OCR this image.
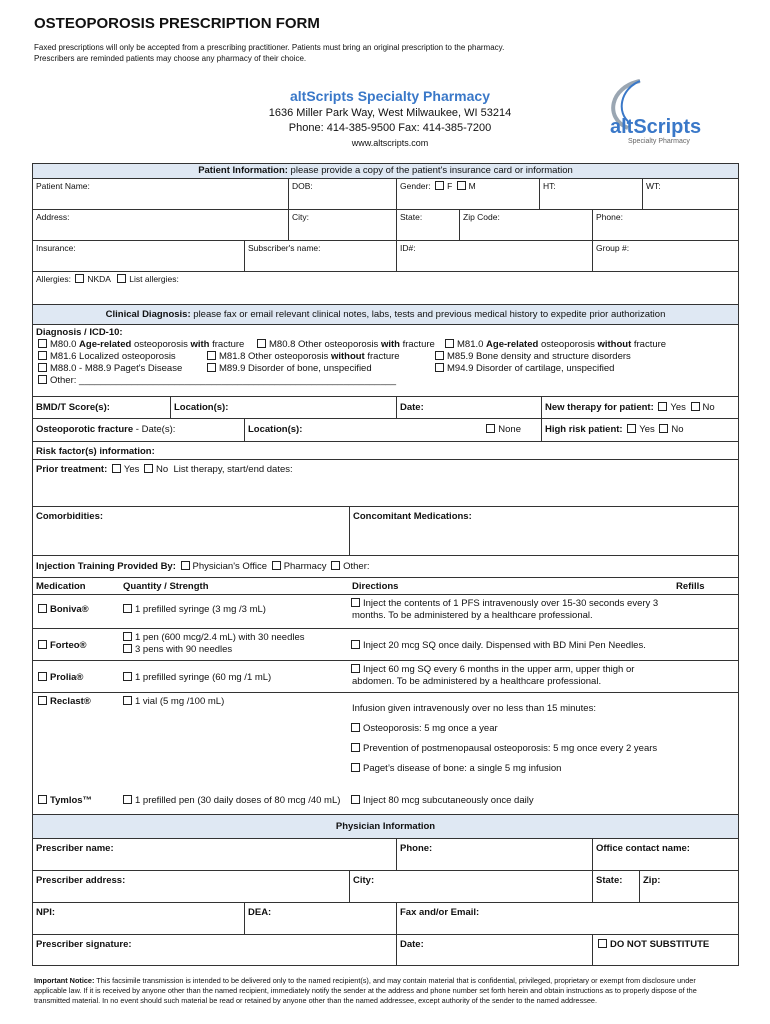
OSTEOPOROSIS PRESCRIPTION FORM
Faxed prescriptions will only be accepted from a prescribing practitioner. Patients must bring an original prescription to the pharmacy.
Prescribers are reminded patients may choose any pharmacy of their choice.
altScripts Specialty Pharmacy
1636 Miller Park Way, West Milwaukee, WI 53214
Phone: 414-385-9500 Fax: 414-385-7200
www.altscripts.com
altScripts
Specialty Pharmacy
Patient Information: please provide a copy of the patient's insurance card or information
Patient Name:	DOB:	Gender: F M	HT:	WT:
Address:	City:	State:	Zip Code:	Phone:
Insurance:	Subscriber's name:	ID#:	Group #:
Allergies: NKDA List allergies:
Clinical Diagnosis: please fax or email relevant clinical notes, labs, tests and previous medical history to expedite prior authorization
Diagnosis / ICD-10:
M80.0 Age-related osteoporosis with fracture
M81.6 Localized osteoporosis
M88.0 - M88.9 Paget's Disease
Other: ____________________________________________________________
M80.8 Other osteoporosis with fracture
M81.8 Other osteoporosis without fracture
M89.9 Disorder of bone, unspecified
M81.0 Age-related osteoporosis without fracture
M85.9 Bone density and structure disorders
M94.9 Disorder of cartilage, unspecified
BMD/T Score(s):	Location(s):	Date:	New therapy for patient: Yes No
Osteoporotic fracture - Date(s):	Location(s):	None	High risk patient: Yes No
Risk factor(s) information:
Prior treatment: Yes No List therapy, start/end dates:
Comorbidities:	Concomitant Medications:
Injection Training Provided By: Physician's Office Pharmacy Other:
Medication	Quantity / Strength	Directions	Refills
Boniva®	1 prefilled syringe (3 mg /3 mL)
Inject the contents of 1 PFS intravenously over 15-30 seconds every 3
months. To be administered by a healthcare professional.
Forteo®
1 pen (600 mcg/2.4 mL) with 30 needles
3 pens with 90 needles	Inject 20 mcg SQ once daily. Dispensed with BD Mini Pen Needles.
Prolia®	1 prefilled syringe (60 mg /1 mL)
Inject 60 mg SQ every 6 months in the upper arm, upper thigh or
abdomen. To be administered by a healthcare professional.
Reclast®	1 vial (5 mg /100 mL)
Infusion given intravenously over no less than 15 minutes:
Osteoporosis: 5 mg once a year
Prevention of postmenopausal osteoporosis: 5 mg once every 2 years
Paget’s disease of bone: a single 5 mg infusion
Tymlos™	1 prefilled pen (30 daily doses of 80 mcg /40 mL)	Inject 80 mcg subcutaneously once daily
Physician Information
Prescriber name:	Phone:	Office contact name:
Prescriber address:	City:	State:	Zip:
NPI:	DEA:	Fax and/or Email:
Prescriber signature:	Date:	DO NOT SUBSTITUTE
Important Notice: This facsimile transmission is intended to be delivered only to the named recipient(s), and may contain material that is confidential, privileged, proprietary or exempt from disclosure under
applicable law. If it is received by anyone other than the named recipient, immediately notify the sender at the address and phone number set forth herein and obtain instructions as to properly dispose of the
transmitted material. In no event should such material be read or retained by anyone other than the named addressee, except authority of the sender to the named addressee.
